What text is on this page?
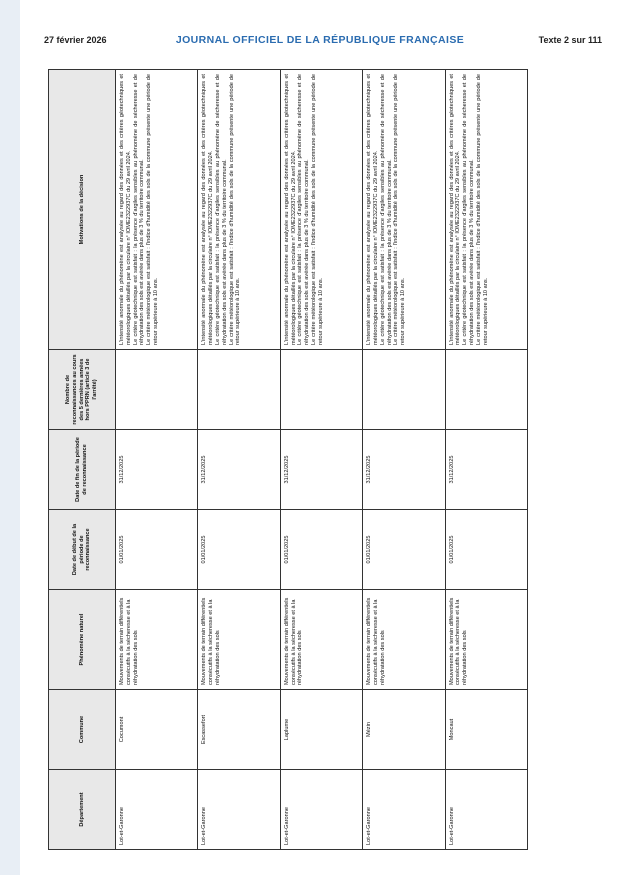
27 février 2026	JOURNAL OFFICIEL DE LA RÉPUBLIQUE FRANÇAISE	Texte 2 sur 111
Département	Commune	Phénomène naturel	Date de début de la période de reconnaissance	Date de fin de la période de reconnaissance	Nombre de reconnaissances au cours des 5 dernières années hors PPRN (article 3 de l'arrêté)	Motivations de la décision
Lot-et-Garonne	Cocumont	Mouvements de terrain différentiels consécutifs à la sécheresse et à la réhydratation des sols	01/01/2025	31/12/2025		L'intensité anormale du phénomène est analysée au regard des données et des critères géotechniques et météorologiques détaillés par la circulaire n° IOME2322937C du 29 avril 2024. Le critère géotechnique est satisfait : la présence d'argiles sensibles au phénomène de sécheresse et de réhydratation des sols est avérée dans plus de 3 % du territoire communal. Le critère météorologique est satisfait : l'indice d'humidité des sols de la commune présente une période de retour supérieure à 10 ans.

Lot-et-Garonne	Escassefort	Mouvements de terrain différentiels consécutifs à la sécheresse et à la réhydratation des sols	01/01/2025	31/12/2025		L'intensité anormale du phénomène est analysée au regard des données et des critères géotechniques et météorologiques détaillés par la circulaire n° IOME2322937C du 29 avril 2024. Le critère géotechnique est satisfait : la présence d'argiles sensibles au phénomène de sécheresse et de réhydratation des sols est avérée dans plus de 3 % du territoire communal. Le critère météorologique est satisfait : l'indice d'humidité des sols de la commune présente une période de retour supérieure à 10 ans.

Lot-et-Garonne	Laplume	Mouvements de terrain différentiels consécutifs à la sécheresse et à la réhydratation des sols	01/01/2025	31/12/2025		L'intensité anormale du phénomène est analysée au regard des données et des critères géotechniques et météorologiques détaillés par la circulaire n° IOME2322937C du 29 avril 2024. Le critère géotechnique est satisfait : la présence d'argiles sensibles au phénomène de sécheresse et de réhydratation des sols est avérée dans plus de 3 % du territoire communal. Le critère météorologique est satisfait : l'indice d'humidité des sols de la commune présente une période de retour supérieure à 10 ans.

Lot-et-Garonne	Mézin	Mouvements de terrain différentiels consécutifs à la sécheresse et à la réhydratation des sols	01/01/2025	31/12/2025		L'intensité anormale du phénomène est analysée au regard des données et des critères géotechniques et météorologiques détaillés par la circulaire n° IOME2322937C du 29 avril 2024. Le critère géotechnique est satisfait : la présence d'argiles sensibles au phénomène de sécheresse et de réhydratation des sols est avérée dans plus de 3 % du territoire communal. Le critère météorologique est satisfait : l'indice d'humidité des sols de la commune présente une période de retour supérieure à 10 ans.

Lot-et-Garonne	Moncaut	Mouvements de terrain différentiels consécutifs à la sécheresse et à la réhydratation des sols	01/01/2025	31/12/2025		L'intensité anormale du phénomène est analysée au regard des données et des critères géotechniques et météorologiques détaillés par la circulaire n° IOME2322937C du 29 avril 2024. Le critère géotechnique est satisfait : la présence d'argiles sensibles au phénomène de sécheresse et de réhydratation des sols est avérée dans plus de 3 % du territoire communal. Le critère météorologique est satisfait : l'indice d'humidité des sols de la commune présente une période de retour supérieure à 10 ans.
